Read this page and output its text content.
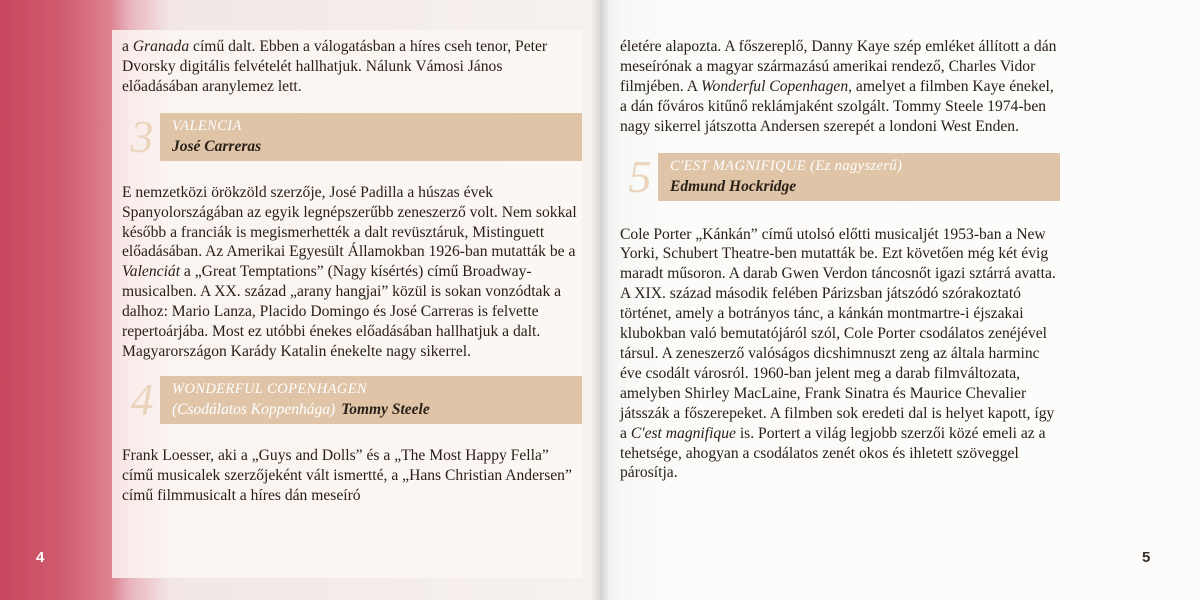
a Granada című dalt. Ebben a válogatásban a híres cseh tenor, Peter Dvorsky digitális felvételét hallhatjuk. Nálunk Vámosi János előadásában aranylemez lett.

3	VALENCIA
José Carreras

E nemzetközi örökzöld szerzője, José Padilla a húszas évek Spanyolországában az egyik legnépszerűbb zeneszerző volt. Nem sokkal később a franciák is megismerhették a dalt revüsztáruk, Mistinguett előadásában. Az Amerikai Egyesült Államokban 1926-ban mutatták be a Valenciát a „Great Temptations” (Nagy kísértés) című Broadway-musicalben. A XX. század „arany hangjai” közül is sokan vonzódtak a dalhoz: Mario Lanza, Placido Domingo és José Carreras is felvette repertoárjába. Most ez utóbbi énekes előadásában hallhatjuk a dalt. Magyarországon Karády Katalin énekelte nagy sikerrel.

4	WONDERFUL COPENHAGEN
(Csodálatos Koppenhága) Tommy Steele

Frank Loesser, aki a „Guys and Dolls” és a „The Most Happy Fella” című musicalek szerzőjeként vált ismertté, a „Hans Christian Andersen” című filmmusicalt a híres dán meseíró

4

életére alapozta. A főszereplő, Danny Kaye szép emléket állított a dán meseírónak a magyar származású amerikai rendező, Charles Vidor filmjében. A Wonderful Copenhagen, amelyet a filmben Kaye énekel, a dán főváros kitűnő reklámjaként szolgált. Tommy Steele 1974-ben nagy sikerrel játszotta Andersen szerepét a londoni West Enden.

5	C'EST MAGNIFIQUE (Ez nagyszerű)
Edmund Hockridge

Cole Porter „Kánkán” című utolsó előtti musicaljét 1953-ban a New Yorki, Schubert Theatre-ben mutatták be. Ezt követően még két évig maradt műsoron. A darab Gwen Verdon táncosnőt igazi sztárrá avatta. A XIX. század második felében Párizsban játszódó szórakoztató történet, amely a botrányos tánc, a kánkán montmartre-i éjszakai klubokban való bemutatójáról szól, Cole Porter csodálatos zenéjével társul. A zeneszerző valóságos dicshimnuszt zeng az általa harminc éve csodált városról. 1960-ban jelent meg a darab filmváltozata, amelyben Shirley MacLaine, Frank Sinatra és Maurice Chevalier játsszák a főszerepeket. A filmben sok eredeti dal is helyet kapott, így a C'est magnifique is. Portert a világ legjobb szerzői közé emeli az a tehetsége, ahogyan a csodálatos zenét okos és ihletett szöveggel párosítja.

5
